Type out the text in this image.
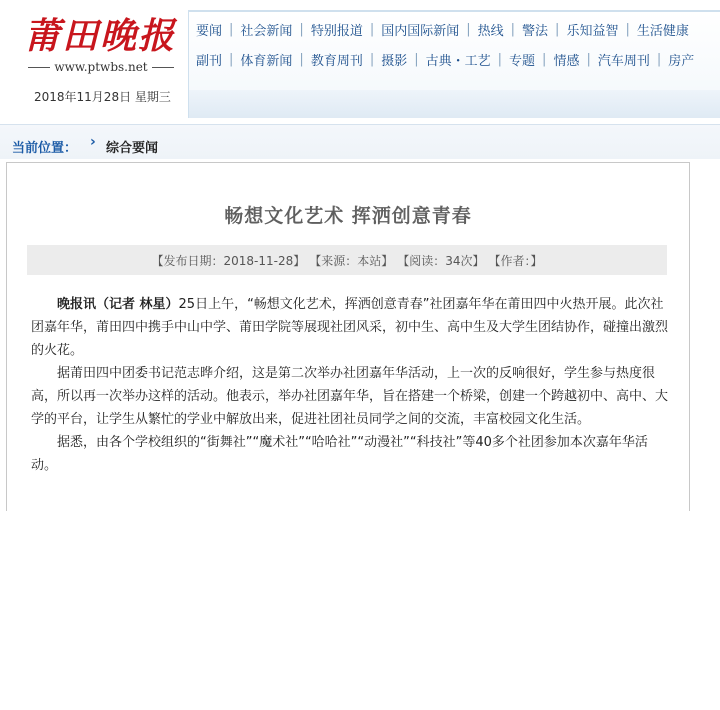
莆田晚报
www.ptwbs.net
2018年11月28日 星期三
要闻 | 社会新闻 | 特别报道 | 国内国际新闻 | 热线 | 警法 | 乐知益智 | 生活健康
副刊 | 体育新闻 | 教育周刊 | 摄影 | 古典・工艺 | 专题 | 情感 | 汽车周刊 | 房产
当前位置： › 综合要闻
畅想文化艺术 挥洒创意青春
【发布日期：2018-11-28】 【来源：本站】 【阅读：34次】 【作者：】

晚报讯（记者 林星）25日上午，“畅想文化艺术，挥洒创意青春”社团嘉年华在莆田四中火热开展。此次社团嘉年华，莆田四中携手中山中学、莆田学院等展现社团风采，初中生、高中生及大学生团结协作，碰撞出激烈的火花。

据莆田四中团委书记范志晔介绍，这是第二次举办社团嘉年华活动，上一次的反响很好，学生参与热度很高，所以再一次举办这样的活动。他表示，举办社团嘉年华，旨在搭建一个桥梁，创建一个跨越初中、高中、大学的平台，让学生从繁忙的学业中解放出来，促进社团社员同学之间的交流，丰富校园文化生活。

据悉，由各个学校组织的“街舞社”“魔术社”“哈哈社”“动漫社”“科技社”等40多个社团参加本次嘉年华活动。
